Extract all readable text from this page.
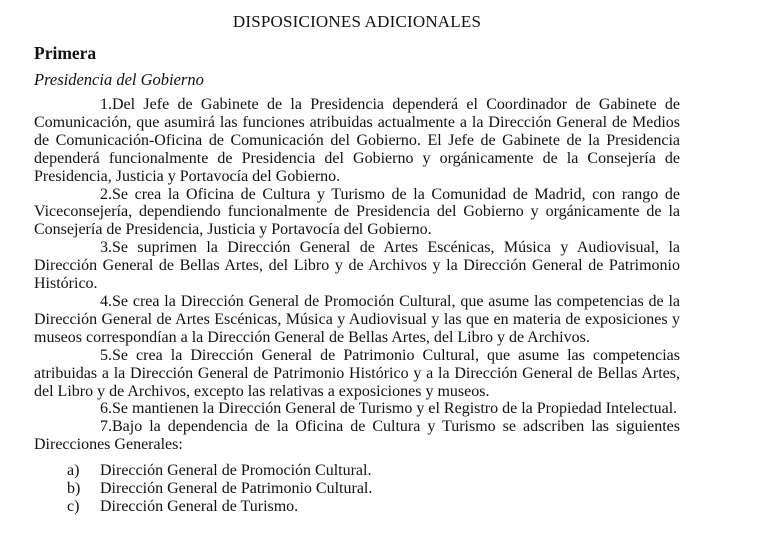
DISPOSICIONES ADICIONALES
Primera
Presidencia del Gobierno

1.Del Jefe de Gabinete de la Presidencia dependerá el Coordinador de Gabinete de Comunicación, que asumirá las funciones atribuidas actualmente a la Dirección General de Medios de Comunicación-Oficina de Comunicación del Gobierno. El Jefe de Gabinete de la Presidencia dependerá funcionalmente de Presidencia del Gobierno y orgánicamente de la Consejería de Presidencia, Justicia y Portavocía del Gobierno.

2.Se crea la Oficina de Cultura y Turismo de la Comunidad de Madrid, con rango de Viceconsejería, dependiendo funcionalmente de Presidencia del Gobierno y orgánicamente de la Consejería de Presidencia, Justicia y Portavocía del Gobierno.

3.Se suprimen la Dirección General de Artes Escénicas, Música y Audiovisual, la Dirección General de Bellas Artes, del Libro y de Archivos y la Dirección General de Patrimonio Histórico.

4.Se crea la Dirección General de Promoción Cultural, que asume las competencias de la Dirección General de Artes Escénicas, Música y Audiovisual y las que en materia de exposiciones y museos correspondían a la Dirección General de Bellas Artes, del Libro y de Archivos.

5.Se crea la Dirección General de Patrimonio Cultural, que asume las competencias atribuidas a la Dirección General de Patrimonio Histórico y a la Dirección General de Bellas Artes, del Libro y de Archivos, excepto las relativas a exposiciones y museos.

6.Se mantienen la Dirección General de Turismo y el Registro de la Propiedad Intelectual.

7.Bajo la dependencia de la Oficina de Cultura y Turismo se adscriben las siguientes Direcciones Generales:

a)	Dirección General de Promoción Cultural.
b)	Dirección General de Patrimonio Cultural.
c)	Dirección General de Turismo.
